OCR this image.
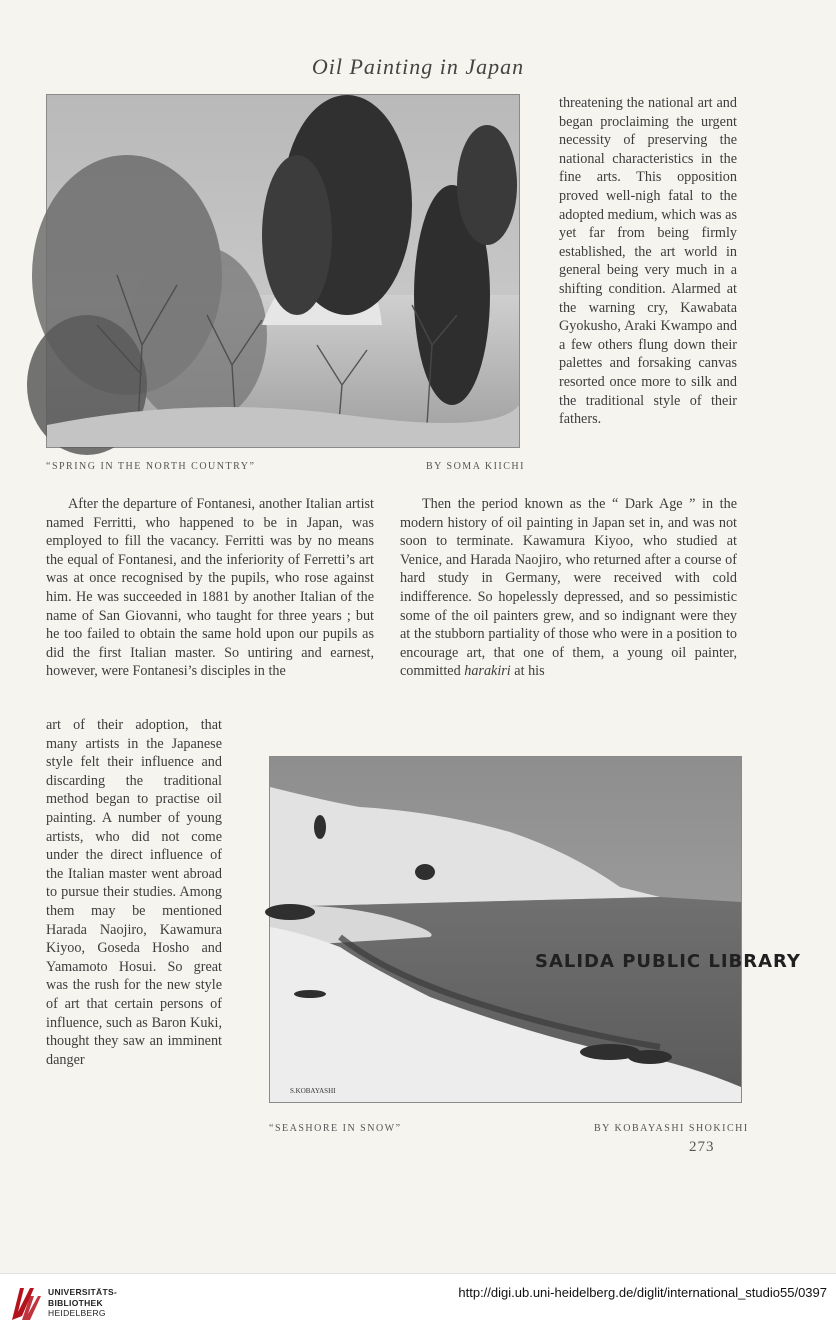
Oil Painting in Japan
“SPRING IN THE NORTH COUNTRY”	BY SOMA KIICHI

threatening the national art and began proclaiming the urgent necessity of preserving the national characteristics in the fine arts. This opposition proved well-nigh fatal to the adopted medium, which was as yet far from being firmly established, the art world in general being very much in a shifting condition. Alarmed at the warning cry, Kawabata Gyokusho, Araki Kwampo and a few others flung down their palettes and forsaking canvas resorted once more to silk and the traditional style of their fathers.

After the departure of Fontanesi, another Italian artist named Ferritti, who happened to be in Japan, was employed to fill the vacancy. Ferritti was by no means the equal of Fontanesi, and the inferiority of Ferretti’s art was at once recognised by the pupils, who rose against him. He was succeeded in 1881 by another Italian of the name of San Giovanni, who taught for three years ; but he too failed to obtain the same hold upon our pupils as did the first Italian master. So untiring and earnest, however, were Fontanesi’s disciples in the

art of their adoption, that many artists in the Japanese style felt their influence and discarding the traditional method began to practise oil painting. A number of young artists, who did not come under the direct influence of the Italian master went abroad to pursue their studies. Among them may be mentioned Harada Naojiro, Kawamura Kiyoo, Goseda Hosho and Yamamoto Hosui. So great was the rush for the new style of art that certain persons of influence, such as Baron Kuki, thought they saw an imminent danger

Then the period known as the “ Dark Age ” in the modern history of oil painting in Japan set in, and was not soon to terminate. Kawamura Kiyoo, who studied at Venice, and Harada Naojiro, who returned after a course of hard study in Germany, were received with cold indifference. So hopelessly depressed, and so pessimistic some of the oil painters grew, and so indignant were they at the stubborn partiality of those who were in a position to encourage art, that one of them, a young oil painter, committed harakiri at his

SALIDA PUBLIC LIBRARY
S.KOBAYASHI
“SEASHORE IN SNOW”	BY KOBAYASHI SHOKICHI
273
UNIVERSITÄTS-
BIBLIOTHEK
HEIDELBERG
http://digi.ub.uni-heidelberg.de/diglit/international_studio55/0397
